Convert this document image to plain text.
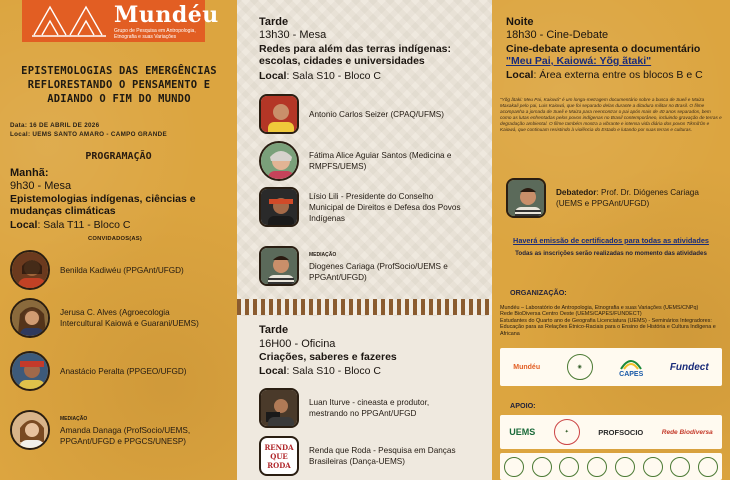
Mundéu
Grupo de Pesquisa em Antropologia, Etnografia e suas Variações
EPISTEMOLOGIAS DAS EMERGÊNCIAS REFLORESTANDO O PENSAMENTO E ADIANDO O FIM DO MUNDO
Data: 16 DE ABRIL DE 2026
Local: UEMS SANTO AMARO - CAMPO GRANDE
PROGRAMAÇÃO
Manhã:
9h30 - Mesa
Epistemologias indígenas, ciências e mudanças climáticas
Local: Sala T11 - Bloco C
CONVIDADOS(AS)
Benilda Kadiwéu (PPGAnt/UFGD)
Jerusa C. Alves (Agroecologia Intercultural Kaiowá e Guarani/UEMS)
Anastácio Peralta (PPGEO/UFGD)
MEDIAÇÃO
Amanda Danaga (ProfSocio/UEMS, PPGAnt/UFGD e PPGCS/UNESP)
Tarde
13h30 - Mesa
Redes para além das terras indígenas: escolas, cidades e universidades
Local: Sala S10 - Bloco C
Antonio Carlos Seizer (CPAQ/UFMS)
Fátima Alice Aguiar Santos (Medicina e RMPFS/UEMS)
Lísio Lili - Presidente do Conselho Municipal de Direitos e Defesa dos Povos Indígenas
MEDIAÇÃO
Diogenes Cariaga (ProfSocio/UEMS e PPGAnt/UFGD)
Tarde
16H00 - Oficina
Criações, saberes e fazeres
Local: Sala S10 - Bloco C
Luan Iturve - cineasta e produtor, mestrando no PPGAnt/UFGD
RENDA
QUE
RODA
Renda que Roda - Pesquisa em Danças Brasileiras (Dança-UEMS)
Noite
18h30 - Cine-Debate
Cine-debate apresenta o documentário "Meu Pai, Kaiowá: Yõg ãtaki"
Local: Área externa entre os blocos B e C
"Yõg ãtaki: Meu Pai, Kaiowá" é um longa-metragem documentário sobre a busca de Sueli e Maiza Maxakali pelo pai, Luis Kaiowá, que foi separado delas durante a ditadura militar no Brasil. O filme acompanha a jornada de Sueli e Maiza para reencontrar o pai após mais de 40 anos separados, bem como as lutas enfrentadas pelos povos indígenas no Brasil contemporâneo, incluindo gravação de terras e degradação ambiental. O filme também mostra a vibrante e intensa vida diária dos povos Tikmũ'ũn e Kaiowá, que continuam resistindo à violência do Estado e lutando por suas terras e culturas.
Debatedor: Prof. Dr. Diógenes Cariaga (UEMS e PPGAnt/UFGD)
Haverá emissão de certificados para todas as atividades
Todas as inscrições serão realizadas no momento das atividades
ORGANIZAÇÃO:
Mundéu – Laboratório de Antropologia, Etnografia e suas Variações (UEMS/CNPq)
Rede BioDiversa Centro Oeste (UEMS/CAPES/FUNDECT)
Estudantes do Quarto ano de Geografia Licenciatura (UEMS) - Seminários Integradores: Educação para as Relações Étnico-Raciais para o Ensino de História e Cultura Indígena e Africana
Mundéu	◉
CAPES
Fundect
APOIO:
UEMS	✦	PROFSOCIO	Rede Biodiversa
